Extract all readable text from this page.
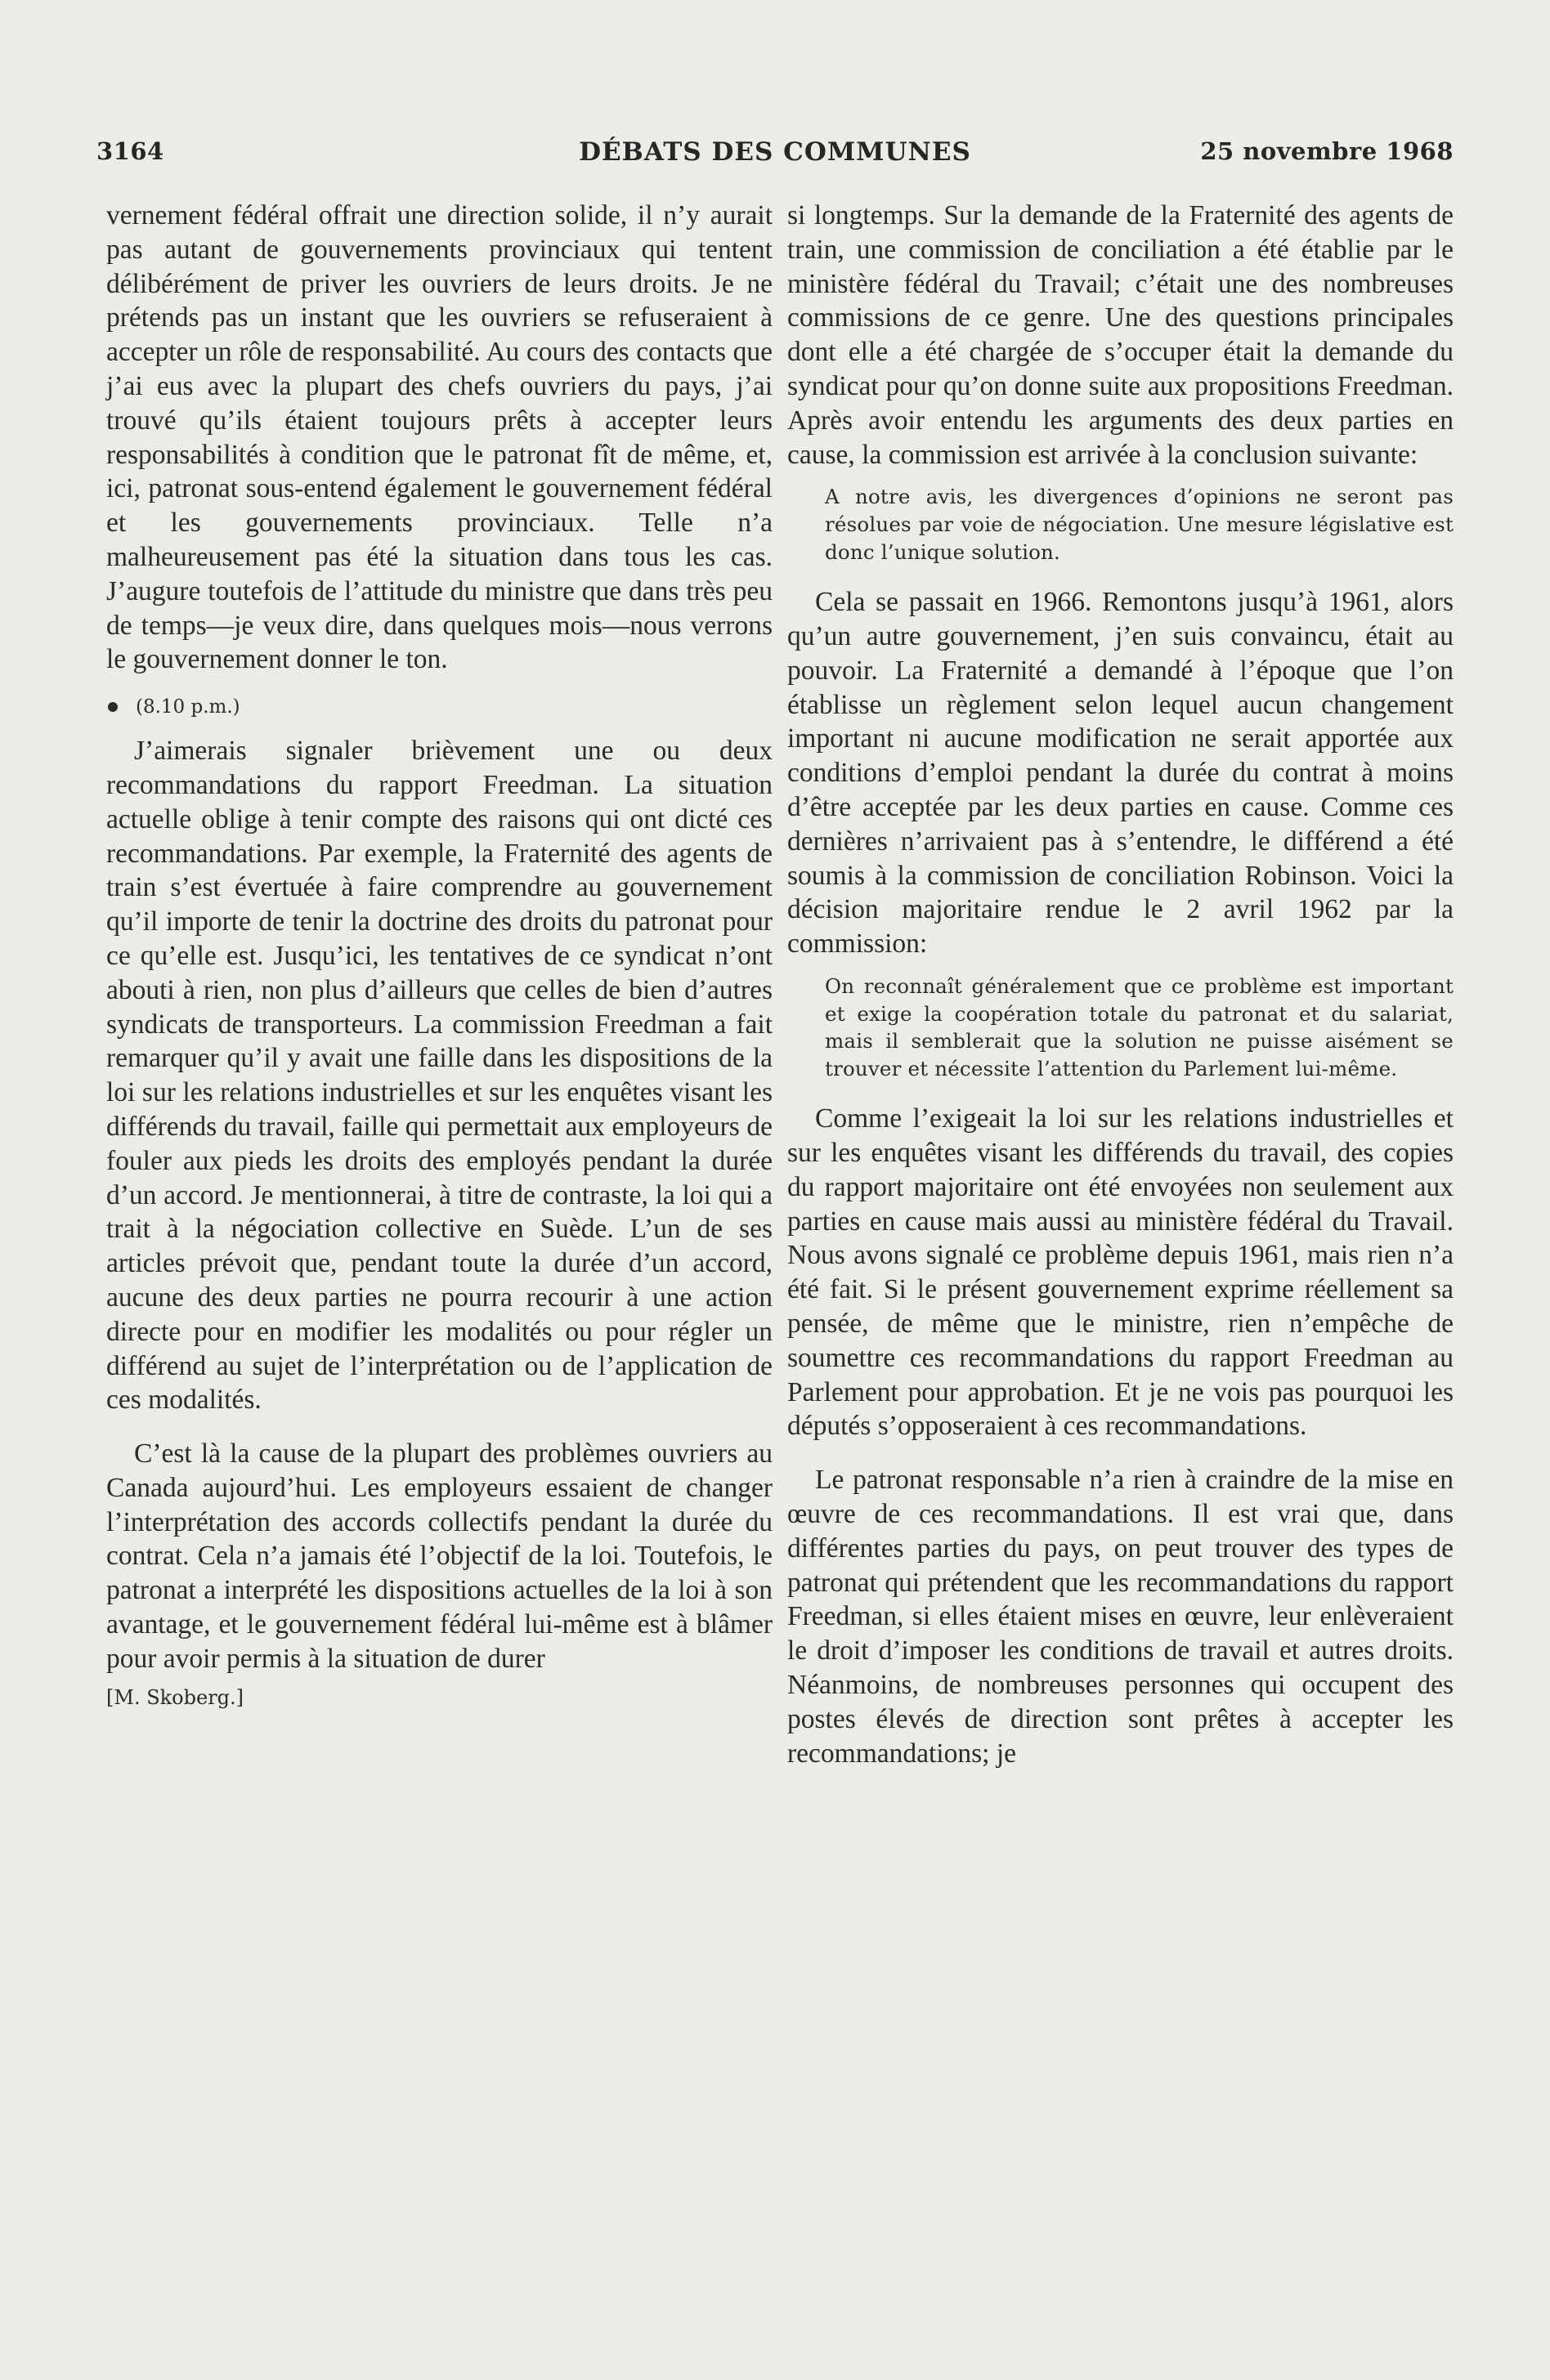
3164	DÉBATS DES COMMUNES	25 novembre 1968

vernement fédéral offrait une direction solide, il n’y aurait pas autant de gouvernements provinciaux qui tentent délibérément de priver les ouvriers de leurs droits. Je ne prétends pas un instant que les ouvriers se refuseraient à accepter un rôle de responsabilité. Au cours des contacts que j’ai eus avec la plupart des chefs ouvriers du pays, j’ai trouvé qu’ils étaient toujours prêts à accepter leurs responsabilités à condition que le patronat fît de même, et, ici, patronat sous-entend également le gouvernement fédéral et les gouvernements provinciaux. Telle n’a malheureusement pas été la situation dans tous les cas. J’augure toutefois de l’attitude du ministre que dans très peu de temps—je veux dire, dans quelques mois—nous verrons le gouvernement donner le ton.

(8.10 p.m.)

J’aimerais signaler brièvement une ou deux recommandations du rapport Freedman. La situation actuelle oblige à tenir compte des raisons qui ont dicté ces recommandations. Par exemple, la Fraternité des agents de train s’est évertuée à faire comprendre au gouvernement qu’il importe de tenir la doctrine des droits du patronat pour ce qu’elle est. Jusqu’ici, les tentatives de ce syndicat n’ont abouti à rien, non plus d’ailleurs que celles de bien d’autres syndicats de transporteurs. La commission Freedman a fait remarquer qu’il y avait une faille dans les dispositions de la loi sur les relations industrielles et sur les enquêtes visant les différends du travail, faille qui permettait aux employeurs de fouler aux pieds les droits des employés pendant la durée d’un accord. Je mentionnerai, à titre de contraste, la loi qui a trait à la négociation collective en Suède. L’un de ses articles prévoit que, pendant toute la durée d’un accord, aucune des deux parties ne pourra recourir à une action directe pour en modifier les modalités ou pour régler un différend au sujet de l’interprétation ou de l’application de ces modalités.

C’est là la cause de la plupart des problèmes ouvriers au Canada aujourd’hui. Les employeurs essaient de changer l’interprétation des accords collectifs pendant la durée du contrat. Cela n’a jamais été l’objectif de la loi. Toutefois, le patronat a interprété les dispositions actuelles de la loi à son avantage, et le gouvernement fédéral lui-même est à blâmer pour avoir permis à la situation de durer

[M. Skoberg.]

si longtemps. Sur la demande de la Fraternité des agents de train, une commission de conciliation a été établie par le ministère fédéral du Travail; c’était une des nombreuses commissions de ce genre. Une des questions principales dont elle a été chargée de s’occuper était la demande du syndicat pour qu’on donne suite aux propositions Freedman. Après avoir entendu les arguments des deux parties en cause, la commission est arrivée à la conclusion suivante:

A notre avis, les divergences d’opinions ne seront pas résolues par voie de négociation. Une mesure législative est donc l’unique solution.

Cela se passait en 1966. Remontons jusqu’à 1961, alors qu’un autre gouvernement, j’en suis convaincu, était au pouvoir. La Fraternité a demandé à l’époque que l’on établisse un règlement selon lequel aucun changement important ni aucune modification ne serait apportée aux conditions d’emploi pendant la durée du contrat à moins d’être acceptée par les deux parties en cause. Comme ces dernières n’arrivaient pas à s’entendre, le différend a été soumis à la commission de conciliation Robinson. Voici la décision majoritaire rendue le 2 avril 1962 par la commission:

On reconnaît généralement que ce problème est important et exige la coopération totale du patronat et du salariat, mais il semblerait que la solution ne puisse aisément se trouver et nécessite l’attention du Parlement lui-même.

Comme l’exigeait la loi sur les relations industrielles et sur les enquêtes visant les différends du travail, des copies du rapport majoritaire ont été envoyées non seulement aux parties en cause mais aussi au ministère fédéral du Travail. Nous avons signalé ce problème depuis 1961, mais rien n’a été fait. Si le présent gouvernement exprime réellement sa pensée, de même que le ministre, rien n’empêche de soumettre ces recommandations du rapport Freedman au Parlement pour approbation. Et je ne vois pas pourquoi les députés s’opposeraient à ces recommandations.

Le patronat responsable n’a rien à craindre de la mise en œuvre de ces recommandations. Il est vrai que, dans différentes parties du pays, on peut trouver des types de patronat qui prétendent que les recommandations du rapport Freedman, si elles étaient mises en œuvre, leur enlèveraient le droit d’imposer les conditions de travail et autres droits. Néanmoins, de nombreuses personnes qui occupent des postes élevés de direction sont prêtes à accepter les recommandations; je
